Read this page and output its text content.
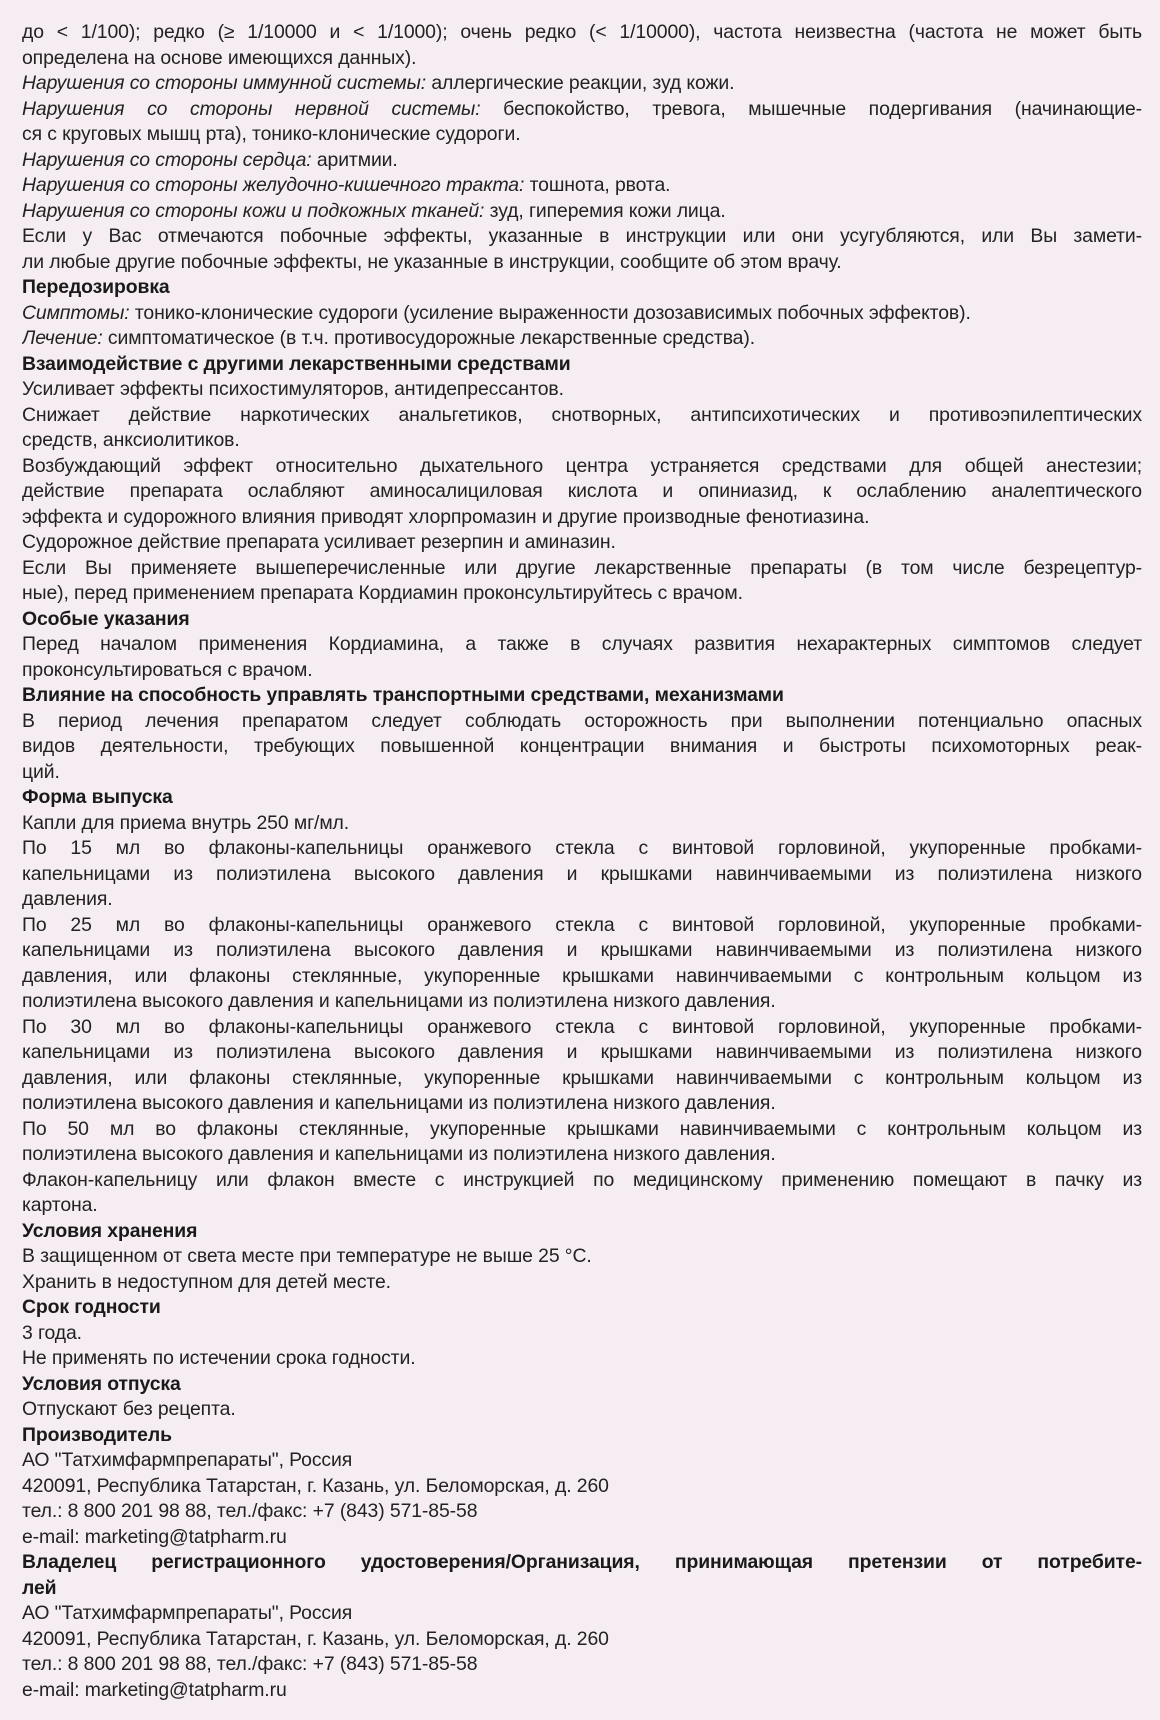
до < 1/100); редко (≥ 1/10000 и < 1/1000); очень редко (< 1/10000), частота неизвестна (частота не может быть
определена на основе имеющихся данных).
Нарушения со стороны иммунной системы: аллергические реакции, зуд кожи.
Нарушения со стороны нервной системы: беспокойство, тревога, мышечные подергивания (начинающие-
ся с круговых мышц рта), тонико-клонические судороги.
Нарушения со стороны сердца: аритмии.
Нарушения со стороны желудочно-кишечного тракта: тошнота, рвота.
Нарушения со стороны кожи и подкожных тканей: зуд, гиперемия кожи лица.
Если у Вас отмечаются побочные эффекты, указанные в инструкции или они усугубляются, или Вы замети-
ли любые другие побочные эффекты, не указанные в инструкции, сообщите об этом врачу.
Передозировка
Симптомы: тонико-клонические судороги (усиление выраженности дозозависимых побочных эффектов).
Лечение: симптоматическое (в т.ч. противосудорожные лекарственные средства).
Взаимодействие с другими лекарственными средствами
Усиливает эффекты психостимуляторов, антидепрессантов.
Снижает действие наркотических анальгетиков, снотворных, антипсихотических и противоэпилептических
средств, анксиолитиков.
Возбуждающий эффект относительно дыхательного центра устраняется средствами для общей анестезии;
действие препарата ослабляют аминосалициловая кислота и опиниазид, к ослаблению аналептического
эффекта и судорожного влияния приводят хлорпромазин и другие производные фенотиазина.
Судорожное действие препарата усиливает резерпин и аминазин.
Если Вы применяете вышеперечисленные или другие лекарственные препараты (в том числе безрецептур-
ные), перед применением препарата Кордиамин проконсультируйтесь с врачом.
Особые указания
Перед началом применения Кордиамина, а также в случаях развития нехарактерных симптомов следует
проконсультироваться с врачом.
Влияние на способность управлять транспортными средствами, механизмами
В период лечения препаратом следует соблюдать осторожность при выполнении потенциально опасных
видов деятельности, требующих повышенной концентрации внимания и быстроты психомоторных реак-
ций.
Форма выпуска
Капли для приема внутрь 250 мг/мл.
По 15 мл во флаконы-капельницы оранжевого стекла с винтовой горловиной, укупоренные пробками-
капельницами из полиэтилена высокого давления и крышками навинчиваемыми из полиэтилена низкого
давления.
По 25 мл во флаконы-капельницы оранжевого стекла с винтовой горловиной, укупоренные пробками-
капельницами из полиэтилена высокого давления и крышками навинчиваемыми из полиэтилена низкого
давления, или флаконы стеклянные, укупоренные крышками навинчиваемыми с контрольным кольцом из
полиэтилена высокого давления и капельницами из полиэтилена низкого давления.
По 30 мл во флаконы-капельницы оранжевого стекла с винтовой горловиной, укупоренные пробками-
капельницами из полиэтилена высокого давления и крышками навинчиваемыми из полиэтилена низкого
давления, или флаконы стеклянные, укупоренные крышками навинчиваемыми с контрольным кольцом из
полиэтилена высокого давления и капельницами из полиэтилена низкого давления.
По 50 мл во флаконы стеклянные, укупоренные крышками навинчиваемыми с контрольным кольцом из
полиэтилена высокого давления и капельницами из полиэтилена низкого давления.
Флакон-капельницу или флакон вместе с инструкцией по медицинскому применению помещают в пачку из
картона.
Условия хранения
В защищенном от света месте при температуре не выше 25 °С.
Хранить в недоступном для детей месте.
Срок годности
3 года.
Не применять по истечении срока годности.
Условия отпуска
Отпускают без рецепта.
Производитель
АО "Татхимфармпрепараты", Россия
420091, Республика Татарстан, г. Казань, ул. Беломорская, д. 260
тел.: 8 800 201 98 88, тел./факс: +7 (843) 571-85-58
e-mail: marketing@tatpharm.ru
Владелец регистрационного удостоверения/Организация, принимающая претензии от потребите-
лей
АО "Татхимфармпрепараты", Россия
420091, Республика Татарстан, г. Казань, ул. Беломорская, д. 260
тел.: 8 800 201 98 88, тел./факс: +7 (843) 571-85-58
e-mail: marketing@tatpharm.ru
